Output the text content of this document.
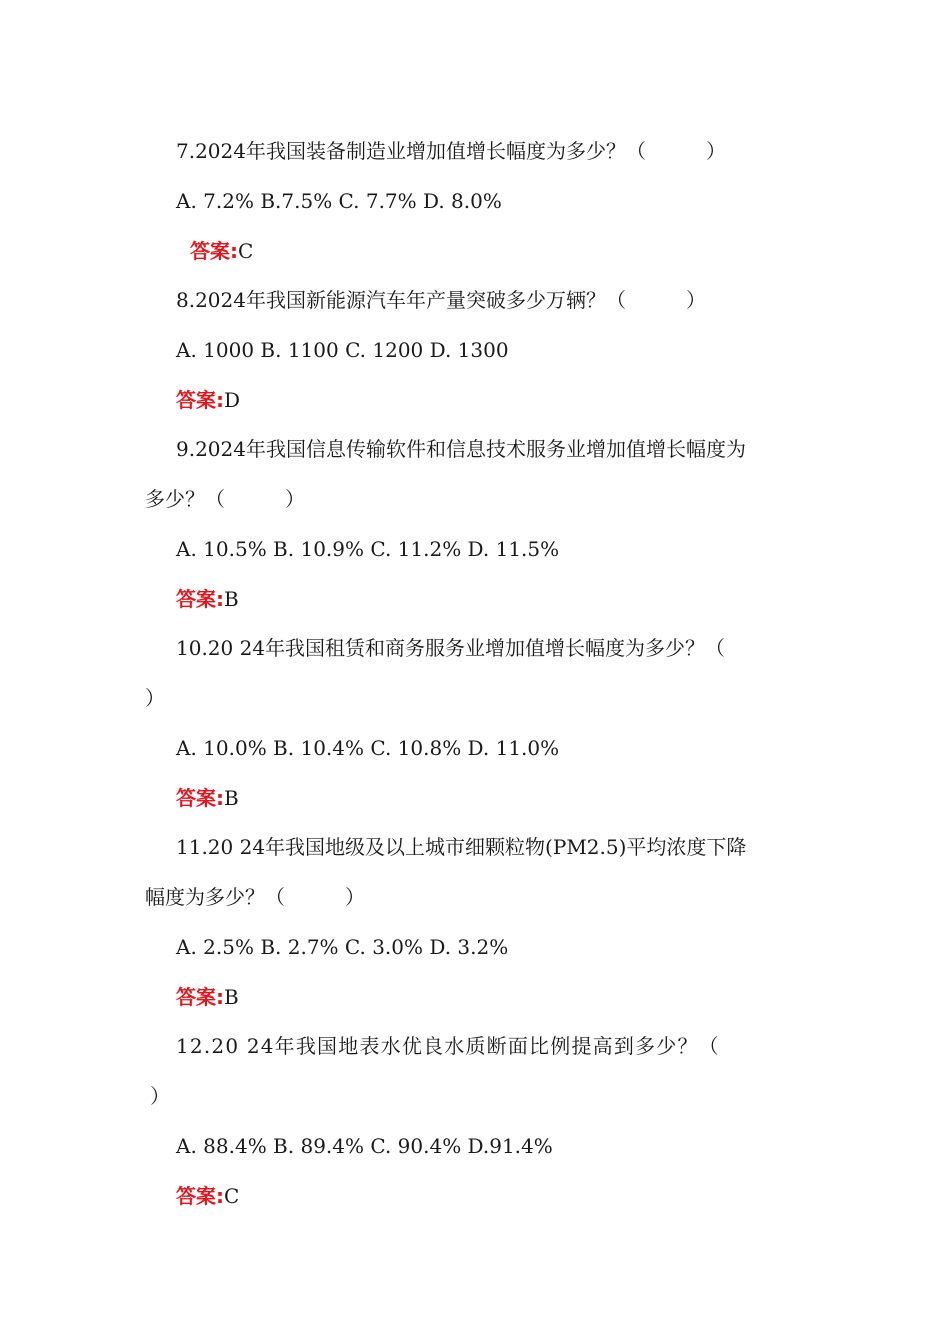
7.2024年我国装备制造业增加值增长幅度为多少？（　　　）
A. 7.2% B.7.5% C. 7.7% D. 8.0%
答案:C
8.2024年我国新能源汽车年产量突破多少万辆？（　　　）
A. 1000 B. 1100 C. 1200 D. 1300
答案:D
9.2024年我国信息传输软件和信息技术服务业增加值增长幅度为
多少？（　　　）
A. 10.5% B. 10.9% C. 11.2% D. 11.5%
答案:B
10.20 24年我国租赁和商务服务业增加值增长幅度为多少？（
）
A. 10.0% B. 10.4% C. 10.8% D. 11.0%
答案:B
11.20 24年我国地级及以上城市细颗粒物(PM2.5)平均浓度下降
幅度为多少？（　　　）
A. 2.5% B. 2.7% C. 3.0% D. 3.2%
答案:B
12.20 24年我国地表水优良水质断面比例提高到多少？（
）
A. 88.4% B. 89.4% C. 90.4% D.91.4%
答案:C
